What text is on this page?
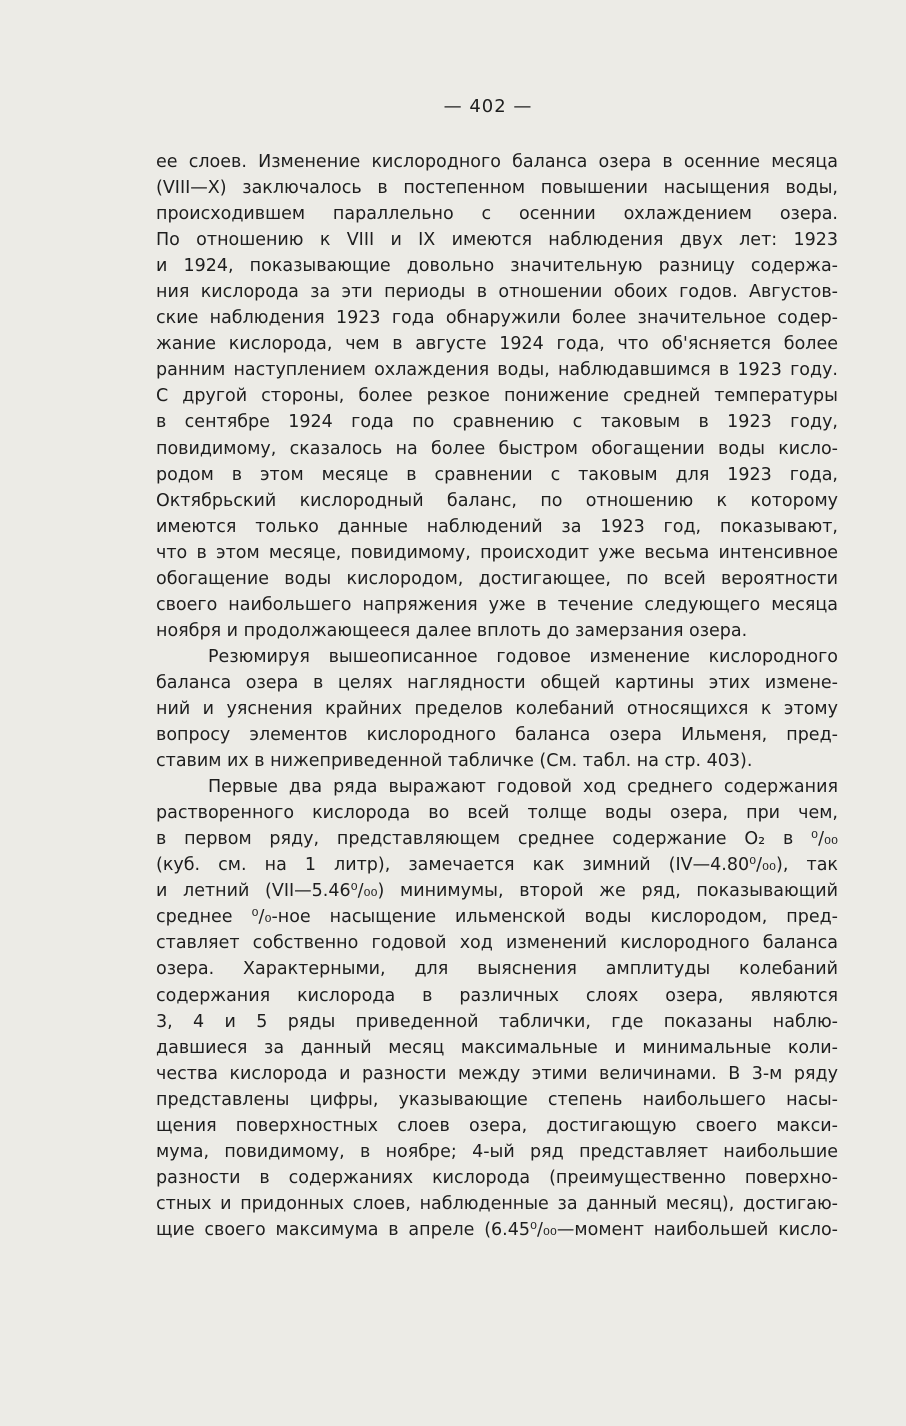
— 402 —
ее слоев. Изменение кислородного баланса озера в осенние месяца
(VIII—X) заключалось в постепенном повышении насыщения воды,
происходившем параллельно с осеннии охлаждением озера.
По отношению к VIII и IX имеются наблюдения двух лет: 1923
и 1924, показывающие довольно значительную разницу содержа-
ния кислорода за эти периоды в отношении обоих годов. Августов-
ские наблюдения 1923 года обнаружили более значительное содер-
жание кислорода, чем в августе 1924 года, что об'ясняется более
ранним наступлением охлаждения воды, наблюдавшимся в 1923 году.
С другой стороны, более резкое понижение средней температуры
в сентябре 1924 года по сравнению с таковым в 1923 году,
повидимому, сказалось на более быстром обогащении воды кисло-
родом в этом месяце в сравнении с таковым для 1923 года,
Октябрьский кислородный баланс, по отношению к которому
имеются только данные наблюдений за 1923 год, показывают,
что в этом месяце, повидимому, происходит уже весьма интенсивное
обогащение воды кислородом, достигающее, по всей вероятности
своего наибольшего напряжения уже в течение следующего месяца
ноября и продолжающееся далее вплоть до замерзания озера.
Резюмируя вышеописанное годовое изменение кислородного
баланса озера в целях наглядности общей картины этих измене-
ний и уяснения крайних пределов колебаний относящихся к этому
вопросу элементов кислородного баланса озера Ильменя, пред-
ставим их в нижеприведенной табличке (См. табл. на стр. 403).
Первые два ряда выражают годовой ход среднего содержания
растворенного кислорода во всей толще воды озера, при чем,
в первом ряду, представляющем среднее содержание O₂ в ⁰/₀₀
(куб. см. на 1 литр), замечается как зимний (IV—4.80⁰/₀₀), так
и летний (VII—5.46⁰/₀₀) минимумы, второй же ряд, показывающий
среднее ⁰/₀-ное насыщение ильменской воды кислородом, пред-
ставляет собственно годовой ход изменений кислородного баланса
озера. Характерными, для выяснения амплитуды колебаний
содержания кислорода в различных слоях озера, являются
3, 4 и 5 ряды приведенной таблички, где показаны наблю-
давшиеся за данный месяц максимальные и минимальные коли-
чества кислорода и разности между этими величинами. В 3-м ряду
представлены цифры, указывающие степень наибольшего насы-
щения поверхностных слоев озера, достигающую своего макси-
мума, повидимому, в ноябре; 4-ый ряд представляет наибольшие
разности в содержаниях кислорода (преимущественно поверхно-
стных и придонных слоев, наблюденные за данный месяц), достигаю-
щие своего максимума в апреле (6.45⁰/₀₀—момент наибольшей кисло-
